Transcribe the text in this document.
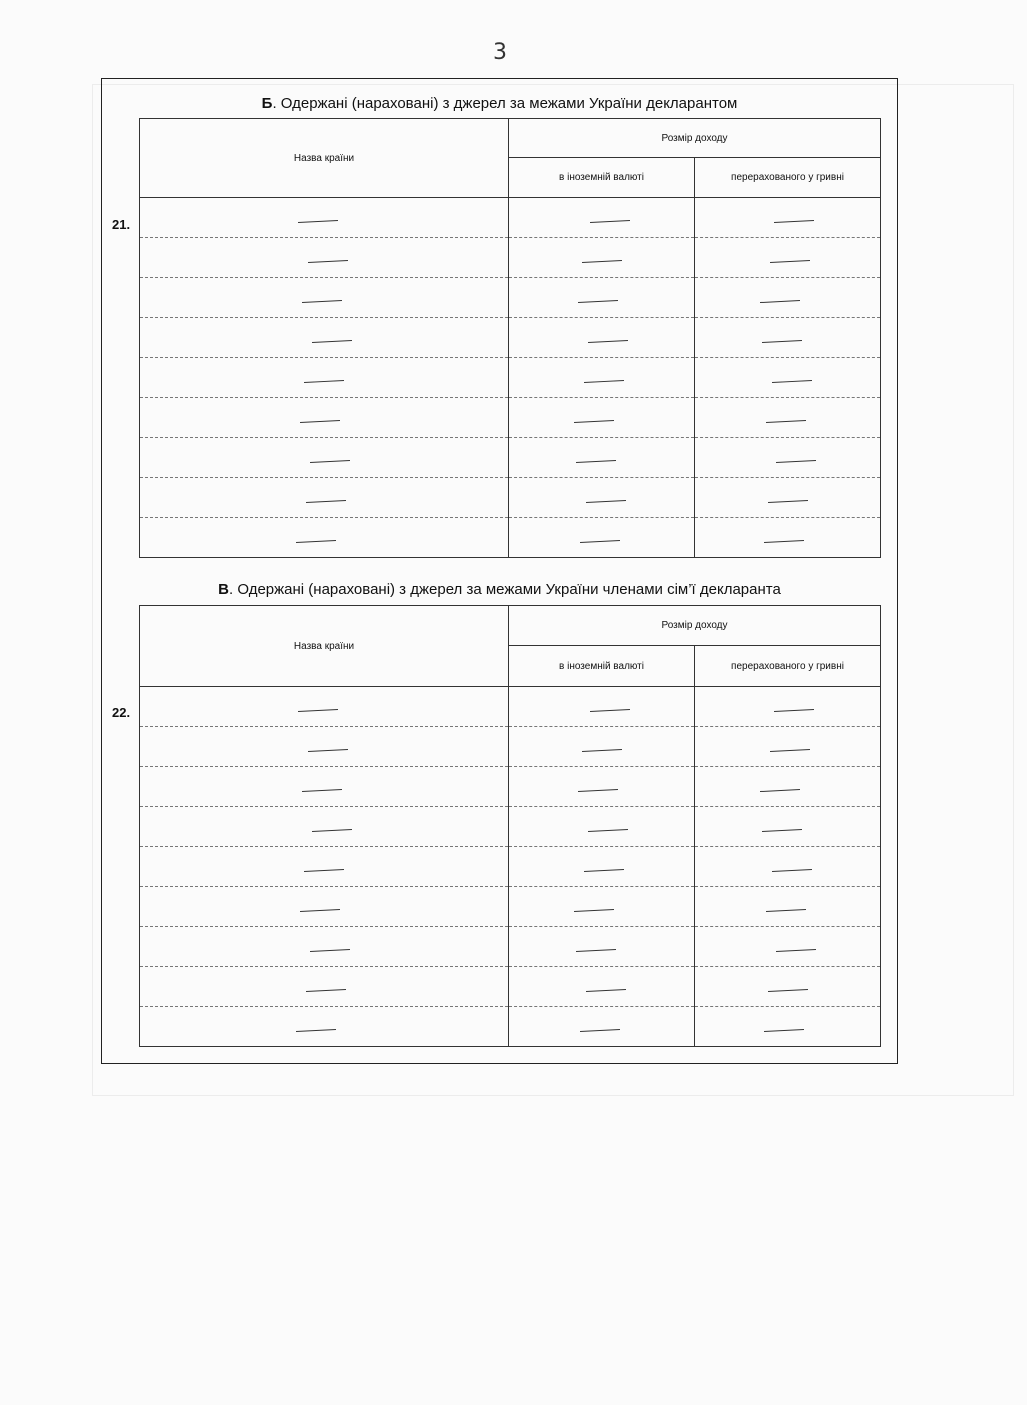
3
Б. Одержані (нараховані) з джерел за межами України декларантом
21.
Назва країни	Розмір доходу	
	в іноземній валюті	перерахованого у гривні

В. Одержані (нараховані) з джерел за межами України членами сім’ї декларанта
22.
Назва країни	Розмір доходу	
	в іноземній валюті	перерахованого у гривні
